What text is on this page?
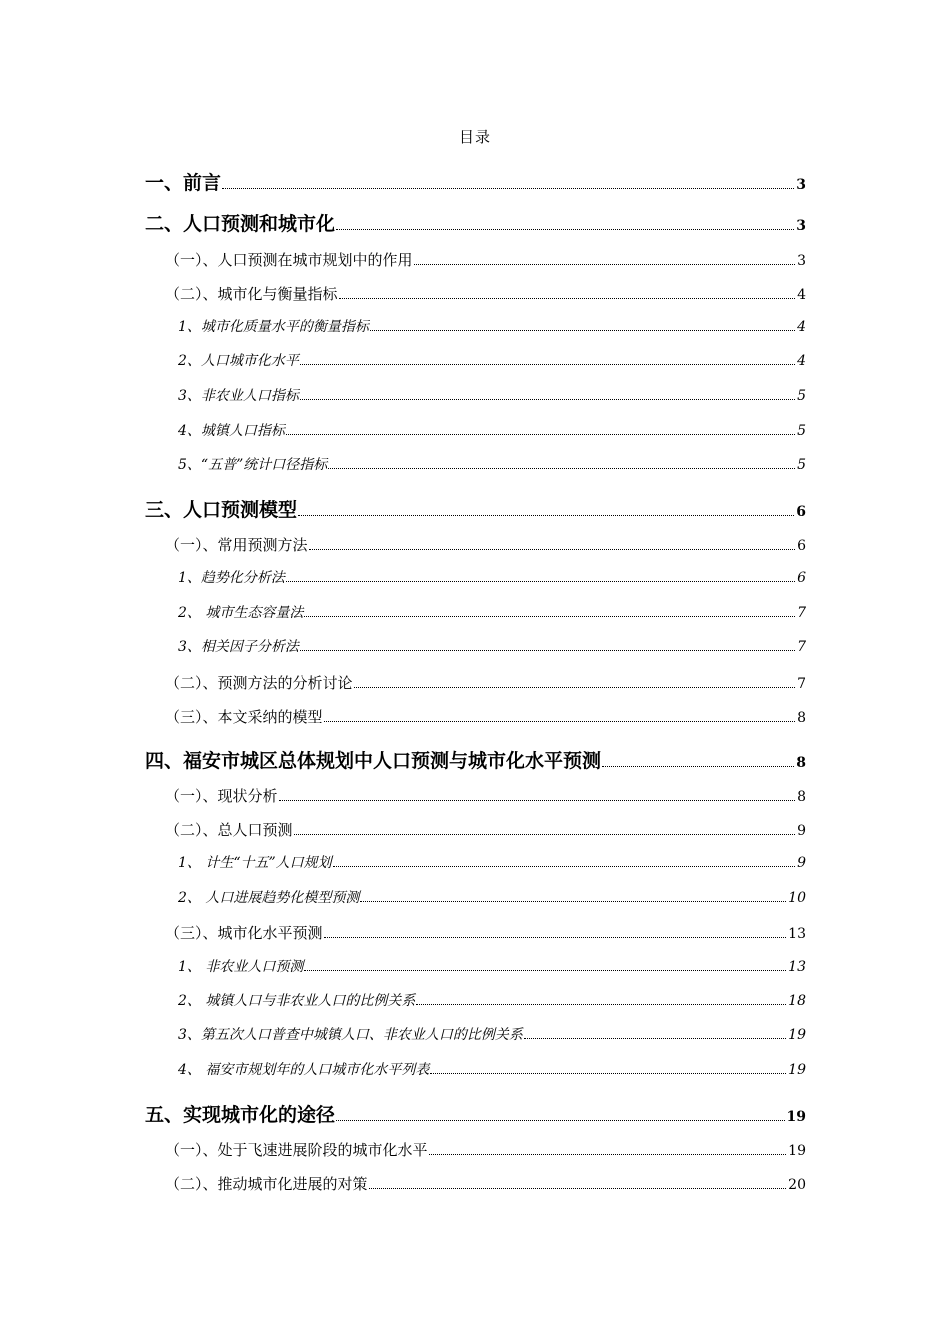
目录
一、前言	3
二、人口预测和城市化	3
（一）、人口预测在城市规划中的作用	3
（二）、城市化与衡量指标	4
1、城市化质量水平的衡量指标	4
2、人口城市化水平	4
3、非农业人口指标	5
4、城镇人口指标	5
5、“五普”统计口径指标	5
三、人口预测模型	6
（一）、常用预测方法	6
1、趋势化分析法	6
2、 城市生态容量法	7
3、相关因子分析法	7
（二）、预测方法的分析讨论	7
（三）、本文采纳的模型	8
四、福安市城区总体规划中人口预测与城市化水平预测	8
（一）、现状分析	8
（二）、总人口预测	9
1、 计生“十五”人口规划	9
2、 人口进展趋势化模型预测	10
（三）、城市化水平预测	13
1、 非农业人口预测	13
2、 城镇人口与非农业人口的比例关系	18
3、第五次人口普查中城镇人口、非农业人口的比例关系	19
4、 福安市规划年的人口城市化水平列表	19
五、实现城市化的途径	19
（一）、处于飞速进展阶段的城市化水平	19
（二）、推动城市化进展的对策	20
